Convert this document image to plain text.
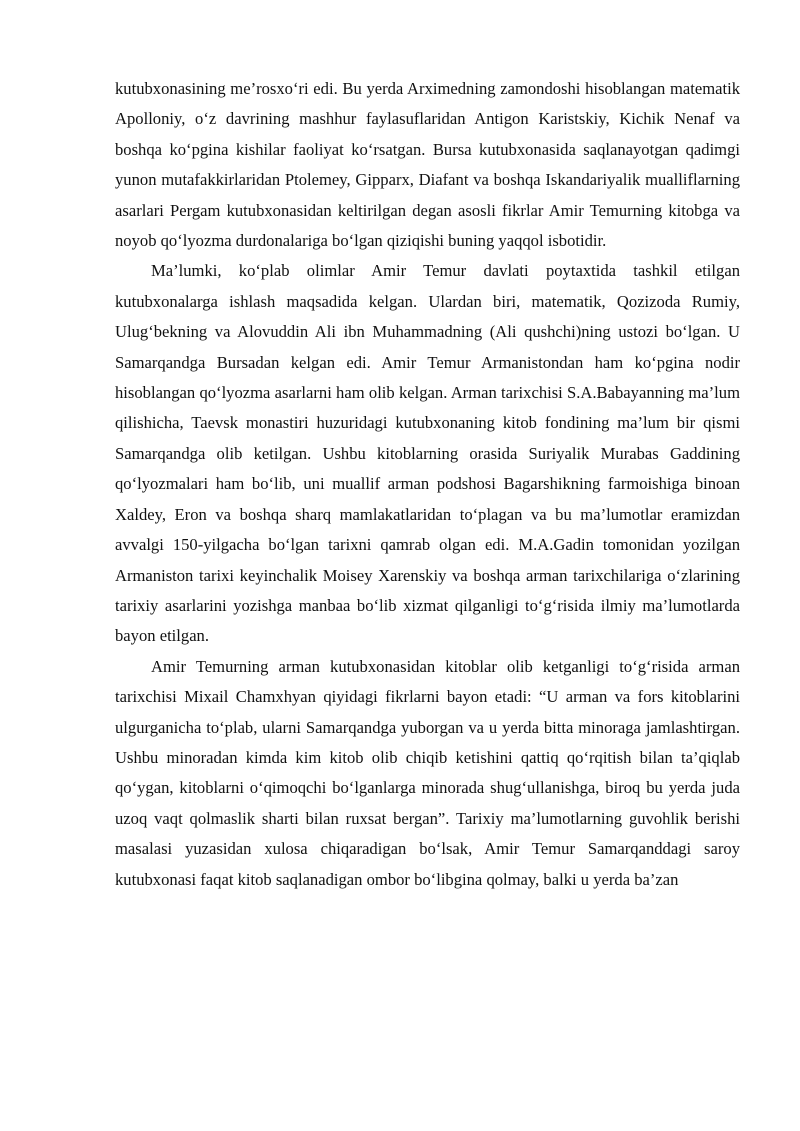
kutubxonasining me’rosxo‘ri edi. Bu yerda Arximedning zamondoshi hisoblangan matematik Apolloniy, o‘z davrining mashhur faylasuflaridan Antigon Karistskiy, Kichik Nenaf va boshqa ko‘pgina kishilar faoliyat ko‘rsatgan. Bursa kutubxonasida saqlanayotgan qadimgi yunon mutafakkirlaridan Ptolemey, Gipparx, Diafant va boshqa Iskandariyalik mualliflarning asarlari Pergam kutubxonasidan keltirilgan degan asosli fikrlar Amir Temurning kitobga va noyob qo‘lyozma durdonalariga bo‘lgan qiziqishi buning yaqqol isbotidir.

Ma’lumki, ko‘plab olimlar Amir Temur davlati poytaxtida tashkil etilgan kutubxonalarga ishlash maqsadida kelgan. Ulardan biri, matematik, Qozizoda Rumiy, Ulug‘bekning va Alovuddin Ali ibn Muhammadning (Ali qushchi)ning ustozi bo‘lgan. U Samarqandga Bursadan kelgan edi. Amir Temur Armanistondan ham ko‘pgina nodir hisoblangan qo‘lyozma asarlarni ham olib kelgan. Arman tarixchisi S.A.Babayanning ma’lum qilishicha, Taevsk monastiri huzuridagi kutubxonaning kitob fondining ma’lum bir qismi Samarqandga olib ketilgan. Ushbu kitoblarning orasida Suriyalik Murabas Gaddining qo‘lyozmalari ham bo‘lib, uni muallif arman podshosi Bagarshikning farmoishiga binoan Xaldey, Eron va boshqa sharq mamlakatlaridan to‘plagan va bu ma’lumotlar eramizdan avvalgi 150-yilgacha bo‘lgan tarixni qamrab olgan edi. M.A.Gadin tomonidan yozilgan Armaniston tarixi keyinchalik Moisey Xarenskiy va boshqa arman tarixchilariga o‘zlarining tarixiy asarlarini yozishga manbaa bo‘lib xizmat qilganligi to‘g‘risida ilmiy ma’lumotlarda bayon etilgan.

Amir Temurning arman kutubxonasidan kitoblar olib ketganligi to‘g‘risida arman tarixchisi Mixail Chamxhyan qiyidagi fikrlarni bayon etadi: “U arman va fors kitoblarini ulgurganicha to‘plab, ularni Samarqandga yuborgan va u yerda bitta minoraga jamlashtirgan. Ushbu minoradan kimda kim kitob olib chiqib ketishini qattiq qo‘rqitish bilan ta’qiqlab qo‘ygan, kitoblarni o‘qimoqchi bo‘lganlarga minorada shug‘ullanishga, biroq bu yerda juda uzoq vaqt qolmaslik sharti bilan ruxsat bergan”. Tarixiy ma’lumotlarning guvohlik berishi masalasi yuzasidan xulosa chiqaradigan bo‘lsak, Amir Temur Samarqanddagi saroy kutubxonasi faqat kitob saqlanadigan ombor bo‘libgina qolmay, balki u yerda ba’zan
